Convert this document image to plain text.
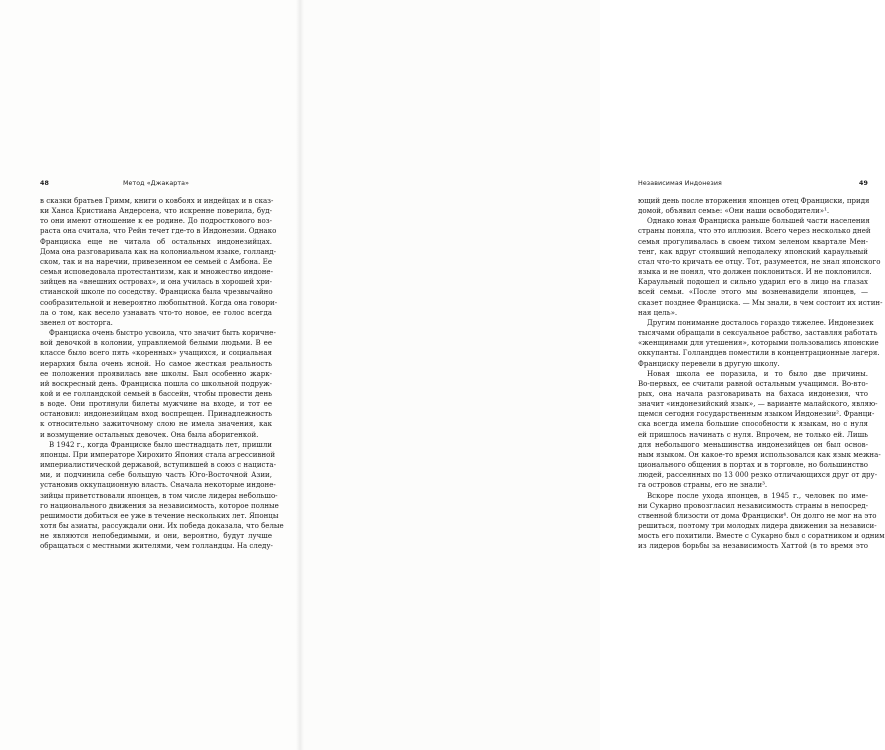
48	Метод «Джакарта»
в сказки братьев Гримм, книги о ковбоях и индейцах и в сказ-
ки Ханса Кристиана Андерсена, что искренне поверила, буд-
то они имеют отношение к ее родине. До подросткового воз-
раста она считала, что Рейн течет где-то в Индонезии. Однако
Франциска еще не читала об остальных индонезийцах.
Дома она разговаривала как на колониальном языке, голланд-
ском, так и на наречии, привезенном ее семьей с Амбона. Ее
семья исповедовала протестантизм, как и множество индоне-
зийцев на «внешних островах», и она училась в хорошей хри-
стианской школе по соседству. Франциска была чрезвычайно
сообразительной и невероятно любопытной. Когда она говори-
ла о том, как весело узнавать что-то новое, ее голос всегда
звенел от восторга.
Франциска очень быстро усвоила, что значит быть коричне-
вой девочкой в колонии, управляемой белыми людьми. В ее
классе было всего пять «коренных» учащихся, и социальная
иерархия была очень ясной. Но самое жесткая реальность
ее положения проявилась вне школы. Был особенно жарк-
ий воскресный день. Франциска пошла со школьной подруж-
кой и ее голландской семьей в бассейн, чтобы провести день
в воде. Они протянули билеты мужчине на входе, и тот ее
остановил: индонезийцам вход воспрещен. Принадлежность
к относительно зажиточному слою не имела значения, как
и возмущение остальных девочек. Она была аборигенкой.
В 1942 г., когда Франциске было шестнадцать лет, пришли
японцы. При императоре Хирохито Япония стала агрессивной
империалистической державой, вступившей в союз с нациста-
ми, и подчинила себе большую часть Юго-Восточной Азии,
установив оккупационную власть. Сначала некоторые индоне-
зийцы приветствовали японцев, в том числе лидеры небольшо-
го национального движения за независимость, которое полные
решимости добиться ее уже в течение нескольких лет. Японцы
хотя бы азиаты, рассуждали они. Их победа доказала, что белые
не являются непобедимыми, и они, вероятно, будут лучше
обращаться с местными жителями, чем голландцы. На следу-
Независимая Индонезия	49
ющий день после вторжения японцев отец Франциски, придя
домой, объявил семье: «Они наши освободители»¹.
Однако юная Франциска раньше большей части населения
страны поняла, что это иллюзия. Всего через несколько дней
семья прогуливалась в своем тихом зеленом квартале Мен-
тенг, как вдруг стоявший неподалеку японский караульный
стал что-то кричать ее отцу. Тот, разумеется, не знал японского
языка и не понял, что должен поклониться. И не поклонился.
Караульный подошел и сильно ударил его в лицо на глазах
всей семьи. «После этого мы возненавидели японцев, —
сказет позднее Франциска. — Мы знали, в чем состоит их истин-
ная цель».
Другим пониманне досталось гораздо тяжелее. Индонезиек
тысячами обращали в сексуальное рабство, заставляя работать
«женщинами для утешения», которыми пользовались японские
оккупанты. Голландцев поместили в концентрационные лагеря.
Франциску перевели в другую школу.
Новая школа ее поразила, и то было две причины.
Во-первых, ее считали равной остальным учащимся. Во-вто-
рых, она начала разговаривать на бахаса индонезия, что
значит «индонезийский язык», — варианте малайского, являю-
щемся сегодня государственным языком Индонезии². Франци-
ска всегда имела большие способности к языкам, но с нуля
ей пришлось начинать с нуля. Впрочем, не только ей. Лишь
для небольшого меньшинства индонезийцев он был основ-
ным языком. Он какое-то время использовался как язык межна-
ционального общения в портах и в торговле, но большинство
людей, рассеянных по 13 000 резко отличающихся друг от дру-
га островов страны, его не знали³.
Вскоре после ухода японцев, в 1945 г., человек по име-
ни Сукарно провозгласил независимость страны в непосред-
ственной близости от дома Франциски⁴. Он долго не мог на это
решиться, поэтому три молодых лидера движения за независи-
мость его похитили. Вместе с Сукарно был с соратником и одним
из лидеров борьбы за независимость Хаттой (в то время это
